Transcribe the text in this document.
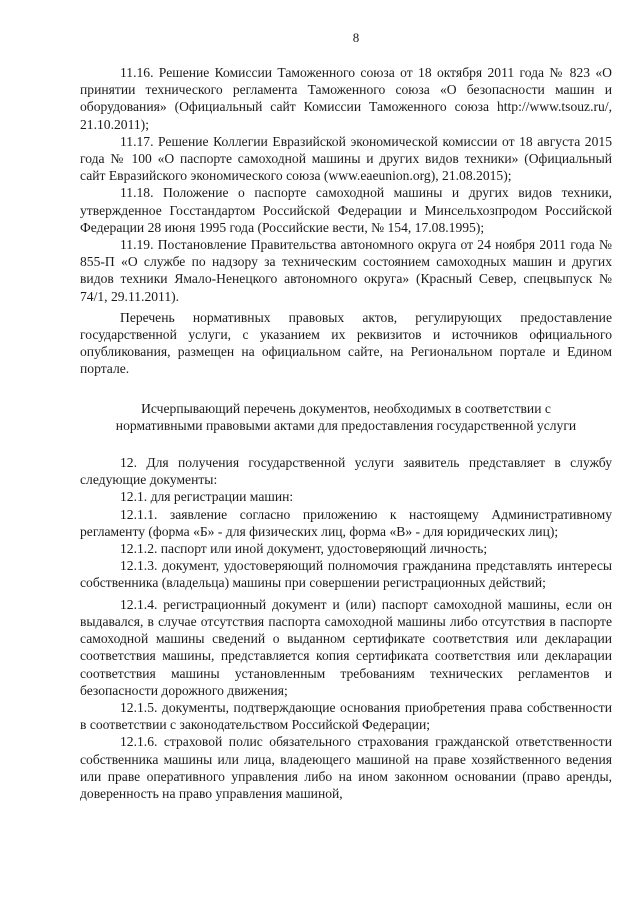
8

11.16. Решение Комиссии Таможенного союза от 18 октября 2011 года № 823 «О принятии технического регламента Таможенного союза «О безопасности машин и оборудования» (Официальный сайт Комиссии Таможенного союза http://www.tsouz.ru/, 21.10.2011);

11.17. Решение Коллегии Евразийской экономической комиссии от 18 августа 2015 года № 100 «О паспорте самоходной машины и других видов техники» (Официальный сайт Евразийского экономического союза (www.eaeunion.org), 21.08.2015);

11.18. Положение о паспорте самоходной машины и других видов техники, утвержденное Госстандартом Российской Федерации и Минсельхозпродом Российской Федерации 28 июня 1995 года (Российские вести, № 154, 17.08.1995);

11.19. Постановление Правительства автономного округа от 24 ноября 2011 года № 855-П «О службе по надзору за техническим состоянием самоходных машин и других видов техники Ямало-Ненецкого автономного округа» (Красный Север, спецвыпуск № 74/1, 29.11.2011).

Перечень нормативных правовых актов, регулирующих предоставление государственной услуги, с указанием их реквизитов и источников официального опубликования, размещен на официальном сайте, на Региональном портале и Едином портале.

Исчерпывающий перечень документов, необходимых в соответствии с
нормативными правовыми актами для предоставления государственной услуги

12. Для получения государственной услуги заявитель представляет в службу следующие документы:

12.1. для регистрации машин:

12.1.1. заявление согласно приложению к настоящему Административному регламенту (форма «Б» - для физических лиц, форма «В» - для юридических лиц);

12.1.2. паспорт или иной документ, удостоверяющий личность;

12.1.3. документ, удостоверяющий полномочия гражданина представлять интересы собственника (владельца) машины при совершении регистрационных действий;

12.1.4. регистрационный документ и (или) паспорт самоходной машины, если он выдавался, в случае отсутствия паспорта самоходной машины либо отсутствия в паспорте самоходной машины сведений о выданном сертификате соответствия или декларации соответствия машины, представляется копия сертификата соответствия или декларации соответствия машины установленным требованиям технических регламентов и безопасности дорожного движения;

12.1.5. документы, подтверждающие основания приобретения права собственности в соответствии с законодательством Российской Федерации;

12.1.6. страховой полис обязательного страхования гражданской ответственности собственника машины или лица, владеющего машиной на праве хозяйственного ведения или праве оперативного управления либо на ином законном основании (право аренды, доверенность на право управления машиной,
